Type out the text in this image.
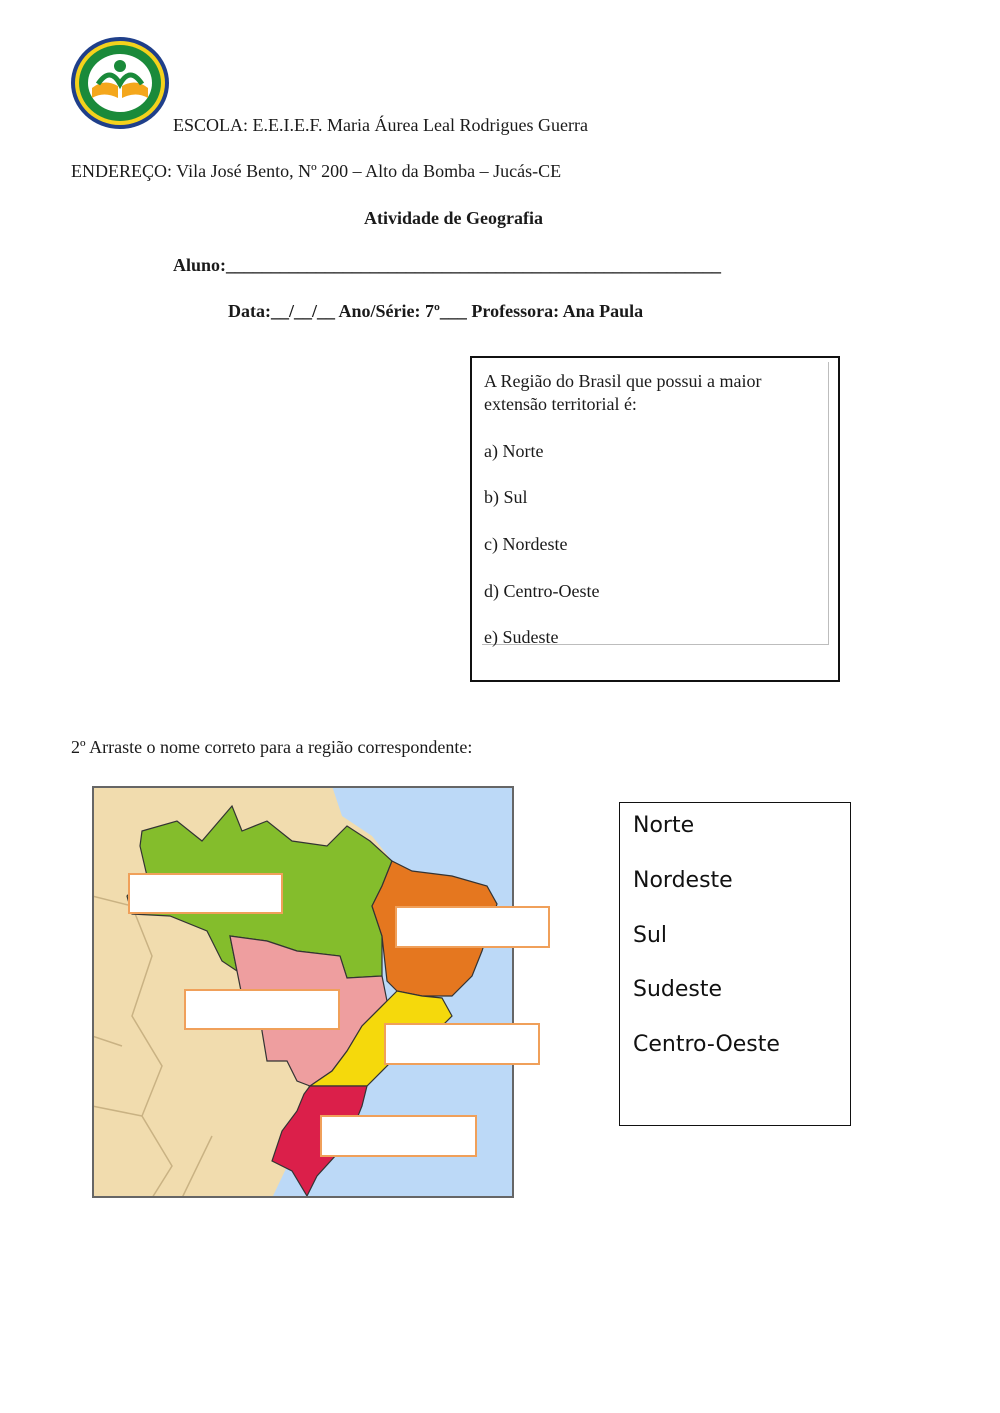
ESCOLA: E.E.I.E.F. Maria Áurea Leal Rodrigues Guerra
ENDEREÇO: Vila José Bento, Nº 200 – Alto da Bomba – Jucás-CE
Atividade de Geografia
Aluno:_______________________________________________________
Data:__/__/__ Ano/Série: 7º___ Professora: Ana Paula
A Região do Brasil que possui a maior
extensão territorial é:
a) Norte
b) Sul
c) Nordeste
d) Centro-Oeste
e) Sudeste
2º Arraste o nome correto para a região correspondente:
Norte
Nordeste
Sul
Sudeste
Centro-Oeste
